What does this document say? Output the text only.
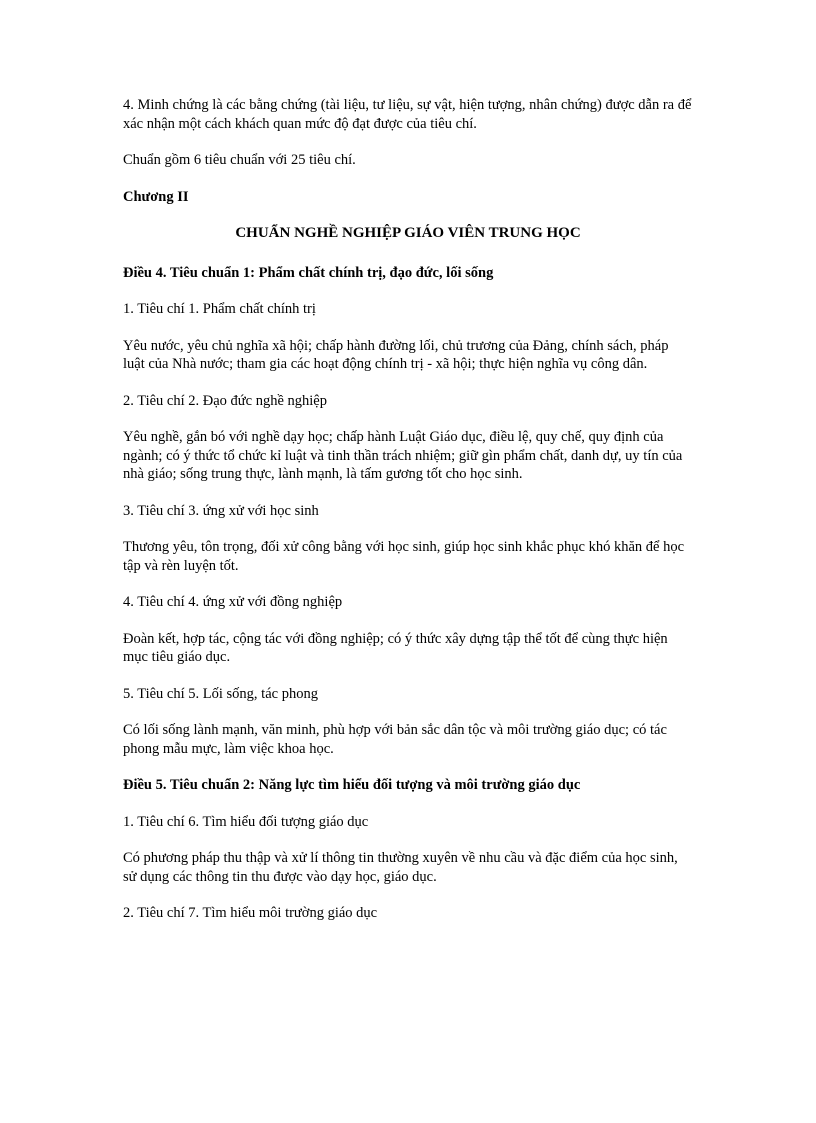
4. Minh chứng là các bằng chứng (tài liệu, tư liệu, sự vật, hiện tượng, nhân chứng) được dẫn ra để xác nhận một cách khách quan mức độ đạt được của tiêu chí.

Chuẩn gồm 6 tiêu chuẩn với 25 tiêu chí.

Chương II

CHUẨN NGHỀ NGHIỆP GIÁO VIÊN TRUNG HỌC

Điều 4. Tiêu chuẩn 1: Phẩm chất chính trị, đạo đức, lối sống

1. Tiêu chí 1. Phẩm chất chính trị

Yêu nước, yêu chủ nghĩa xã hội; chấp hành đường lối, chủ trương của Đảng, chính sách, pháp luật của Nhà nước; tham gia các hoạt động chính trị - xã hội; thực hiện nghĩa vụ công dân.

2. Tiêu chí 2. Đạo đức nghề nghiệp

Yêu nghề, gắn bó với nghề dạy học; chấp hành Luật Giáo dục, điều lệ, quy chế, quy định của ngành; có ý thức tổ chức kỉ luật và tinh thần trách nhiệm; giữ gìn phẩm chất, danh dự, uy tín của nhà giáo; sống trung thực, lành mạnh, là tấm gương tốt cho học sinh.

3. Tiêu chí 3. ứng xử với học sinh

Thương yêu, tôn trọng, đối xử công bằng với học sinh, giúp học sinh khắc phục khó khăn để học tập và rèn luyện tốt.

4. Tiêu chí 4. ứng xử với đồng nghiệp

Đoàn kết, hợp tác, cộng tác với đồng nghiệp; có ý thức xây dựng tập thể tốt để cùng thực hiện mục tiêu giáo dục.

5. Tiêu chí 5. Lối sống, tác phong

Có lối sống lành mạnh, văn minh, phù hợp với bản sắc dân tộc và môi trường giáo dục; có tác phong mẫu mực, làm việc khoa học.

Điều 5. Tiêu chuẩn 2: Năng lực tìm hiểu đối tượng và môi trường giáo dục

1. Tiêu chí 6. Tìm hiểu đối tượng giáo dục

Có phương pháp thu thập và xử lí thông tin thường xuyên về nhu cầu và đặc điểm của học sinh, sử dụng các thông tin thu được vào dạy học, giáo dục.

2. Tiêu chí 7. Tìm hiểu môi trường giáo dục
